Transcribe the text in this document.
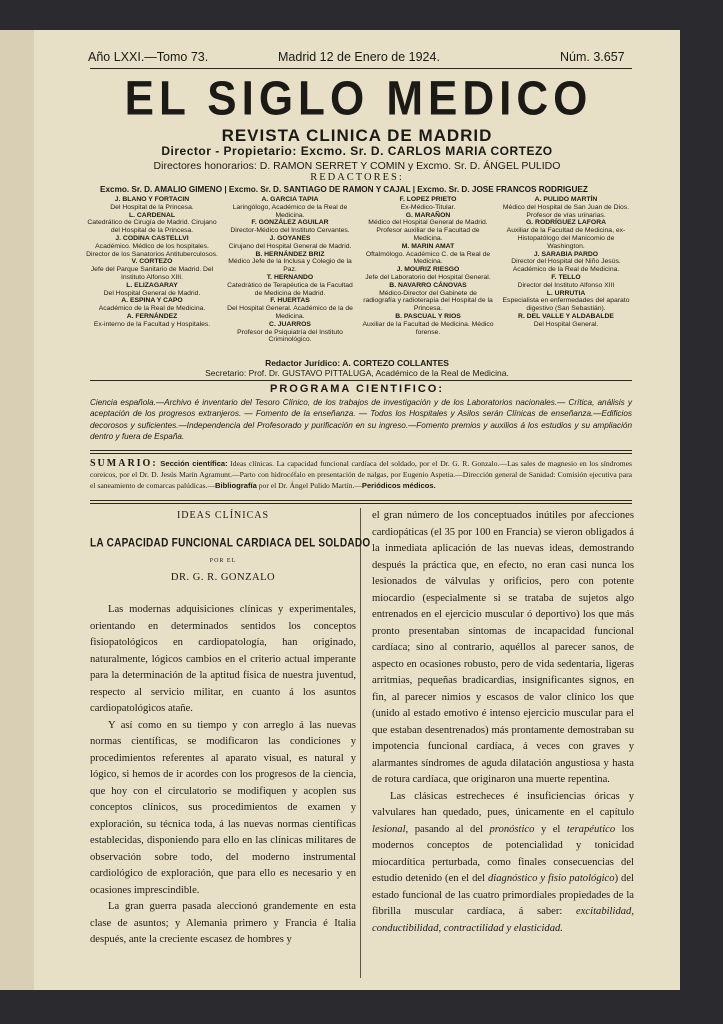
Año LXXI.—Tomo 73.	Madrid 12 de Enero de 1924.	Núm. 3.657
EL SIGLO MEDICO
REVISTA CLINICA DE MADRID
Director - Propietario: Excmo. Sr. D. CARLOS MARIA CORTEZO
Directores honorarios: D. RAMON SERRET Y COMIN y Excmo. Sr. D. ÁNGEL PULIDO
REDACTORES:
Excmo. Sr. D. AMALIO GIMENO | Excmo. Sr. D. SANTIAGO DE RAMON Y CAJAL | Excmo. Sr. D. JOSE FRANCOS RODRIGUEZ
J. BLANO Y FORTACIN
Del Hospital de la Princesa.
L. CARDENAL
Catedrático de Cirugía de Madrid. Cirujano del Hospital de la Princesa.
J. CODINA CASTELLVI
Académico. Médico de los hospitales. Director de los Sanatorios Antituberculosos.
V. CORTEZO
Jefe del Parque Sanitario de Madrid. Del Instituto Alfonso XIII.
L. ELIZAGARAY
Del Hospital General de Madrid.
A. ESPINA Y CAPO
Académico de la Real de Medicina.
A. FERNÁNDEZ
Ex-interno de la Facultad y Hospitales.
A. GARCIA TAPIA
Laringólogo, Académico de la Real de Medicina.
F. GONZÁLEZ AGUILAR
Director-Médico del Instituto Cervantes.
J. GOYANES
Cirujano del Hospital General de Madrid.
B. HERNÁNDEZ BRIZ
Médico Jefe de la Inclusa y Colegio de la Paz.
T. HERNANDO
Catedrático de Terapéutica de la Facultad de Medicina de Madrid.
F. HUERTAS
Del Hospital General. Académico de la de Medicina.
C. JUARROS
Profesor de Psiquiatría del Instituto Criminológico.
F. LOPEZ PRIETO
Ex-Médico-Titular.
G. MARAÑON
Médico del Hospital General de Madrid. Profesor auxiliar de la Facultad de Medicina.
M. MARIN AMAT
Oftalmólogo. Académico C. de la Real de Medicina.
J. MOURIZ RIESGO
Jefe del Laboratorio del Hospital General.
B. NAVARRO CÁNOVAS
Médico-Director del Gabinete de radiografía y radioterapia del Hospital de la Princesa.
B. PASCUAL Y RIOS
Auxiliar de la Facultad de Medicina. Médico forense.
A. PULIDO MARTÍN
Médico del Hospital de San Juan de Dios. Profesor de vías urinarias.
G. RODRÍGUEZ LAFORA
Auxiliar de la Facultad de Medicina, ex-Histopatólogo del Manicomio de Washington.
J. SARABIA PARDO
Director del Hospital del Niño Jesús. Académico de la Real de Medicina.
F. TELLO
Director del Instituto Alfonso XIII
L. URRUTIA
Especialista en enfermedades del aparato digestivo (San Sebastián).
R. DEL VALLE Y ALDABALDE
Del Hospital General.
Redactor Jurídico: A. CORTEZO COLLANTES
Secretario: Prof. Dr. GUSTAVO PITTALUGA, Académico de la Real de Medicina.
PROGRAMA CIENTIFICO:
Ciencia española.—Archivo é inventario del Tesoro Clínico, de los trabajos de investigación y de los Laboratorios nacionales.— Crítica, análisis y aceptación de los progresos extranjeros. — Fomento de la enseñanza. — Todos los Hospitales y Asilos serán Clínicas de enseñanza.—Edificios decorosos y suficientes.—Independencia del Profesorado y purificación en su ingreso.—Fomento premios y auxilios á los estudios y su ampliación dentro y fuera de España.
SUMARIO: Sección científica: Ideas clínicas. La capacidad funcional cardíaca del soldado, por el Dr. G. R. Gonzalo.—Las sales de magnesio en los síndromes coreicos, por el Dr. D. Jesús Marín Agramunt.—Parto con hidrocéfalo en presentación de nalgas, por Eugenio Aspetia.—Dirección general de Sanidad: Comisión ejecutiva para el saneamiento de comarcas palúdicas.—Bibliografía por el Dr. Ángel Pulido Martín.—Periódicos médicos.
IDEAS CLÍNICAS
LA CAPACIDAD FUNCIONAL CARDIACA DEL SOLDADO
POR EL
DR. G. R. GONZALO

Las modernas adquisiciones clínicas y experimentales, orientando en determinados sentidos los conceptos fisiopatológicos en cardiopatología, han originado, naturalmente, lógicos cambios en el criterio actual imperante para la determinación de la aptitud física de nuestra juventud, respecto al servicio militar, en cuanto á los asuntos cardiopatológicos atañe.

Y así como en su tiempo y con arreglo á las nuevas normas científicas, se modificaron las condiciones y procedimientos referentes al aparato visual, es natural y lógico, si hemos de ir acordes con los progresos de la ciencia, que hoy con el circulatorio se modifiquen y acoplen sus conceptos clínicos, sus procedimientos de examen y exploración, su técnica toda, á las nuevas normas científicas establecidas, disponiendo para ello en las clínicas militares de observación sobre todo, del moderno instrumental cardiológico de exploración, que para ello es necesario y en ocasiones imprescindible.

La gran guerra pasada aleccionó grandemente en esta clase de asuntos; y Alemania primero y Francia é Italia después, ante la creciente escasez de hombres y

el gran número de los conceptuados inútiles por afecciones cardiopáticas (el 35 por 100 en Francia) se vieron obligados á la inmediata aplicación de las nuevas ideas, demostrando después la práctica que, en efecto, no eran casi nunca los lesionados de válvulas y orificios, pero con potente miocardio (especialmente si se trataba de sujetos algo entrenados en el ejercicio muscular ó deportivo) los que más pronto presentaban síntomas de incapacidad funcional cardíaca; sino al contrario, aquéllos al parecer sanos, de aspecto en ocasiones robusto, pero de vida sedentaria, ligeras arritmias, pequeñas bradicardias, insignificantes signos, en fin, al parecer nimios y escasos de valor clínico los que (unido al estado emotivo é intenso ejercicio muscular para el que estaban desentrenados) más prontamente demostraban su impotencia funcional cardíaca, á veces con graves y alarmantes síndromes de aguda dilatación angustiosa y hasta de rotura cardíaca, que originaron una muerte repentina.

Las clásicas estrecheces é insuficiencias óricas y valvulares han quedado, pues, únicamente en el capítulo lesional, pasando al del pronóstico y el terapéutico los modernos conceptos de potencialidad y tonicidad miocardítica perturbada, como finales consecuencias del estudio detenido (en el del diagnóstico y fisio patológico) del estado funcional de las cuatro primordiales propiedades de la fibrilla muscular cardíaca, á saber: excitabilidad, conductibilidad, contractilidad y elasticidad.
